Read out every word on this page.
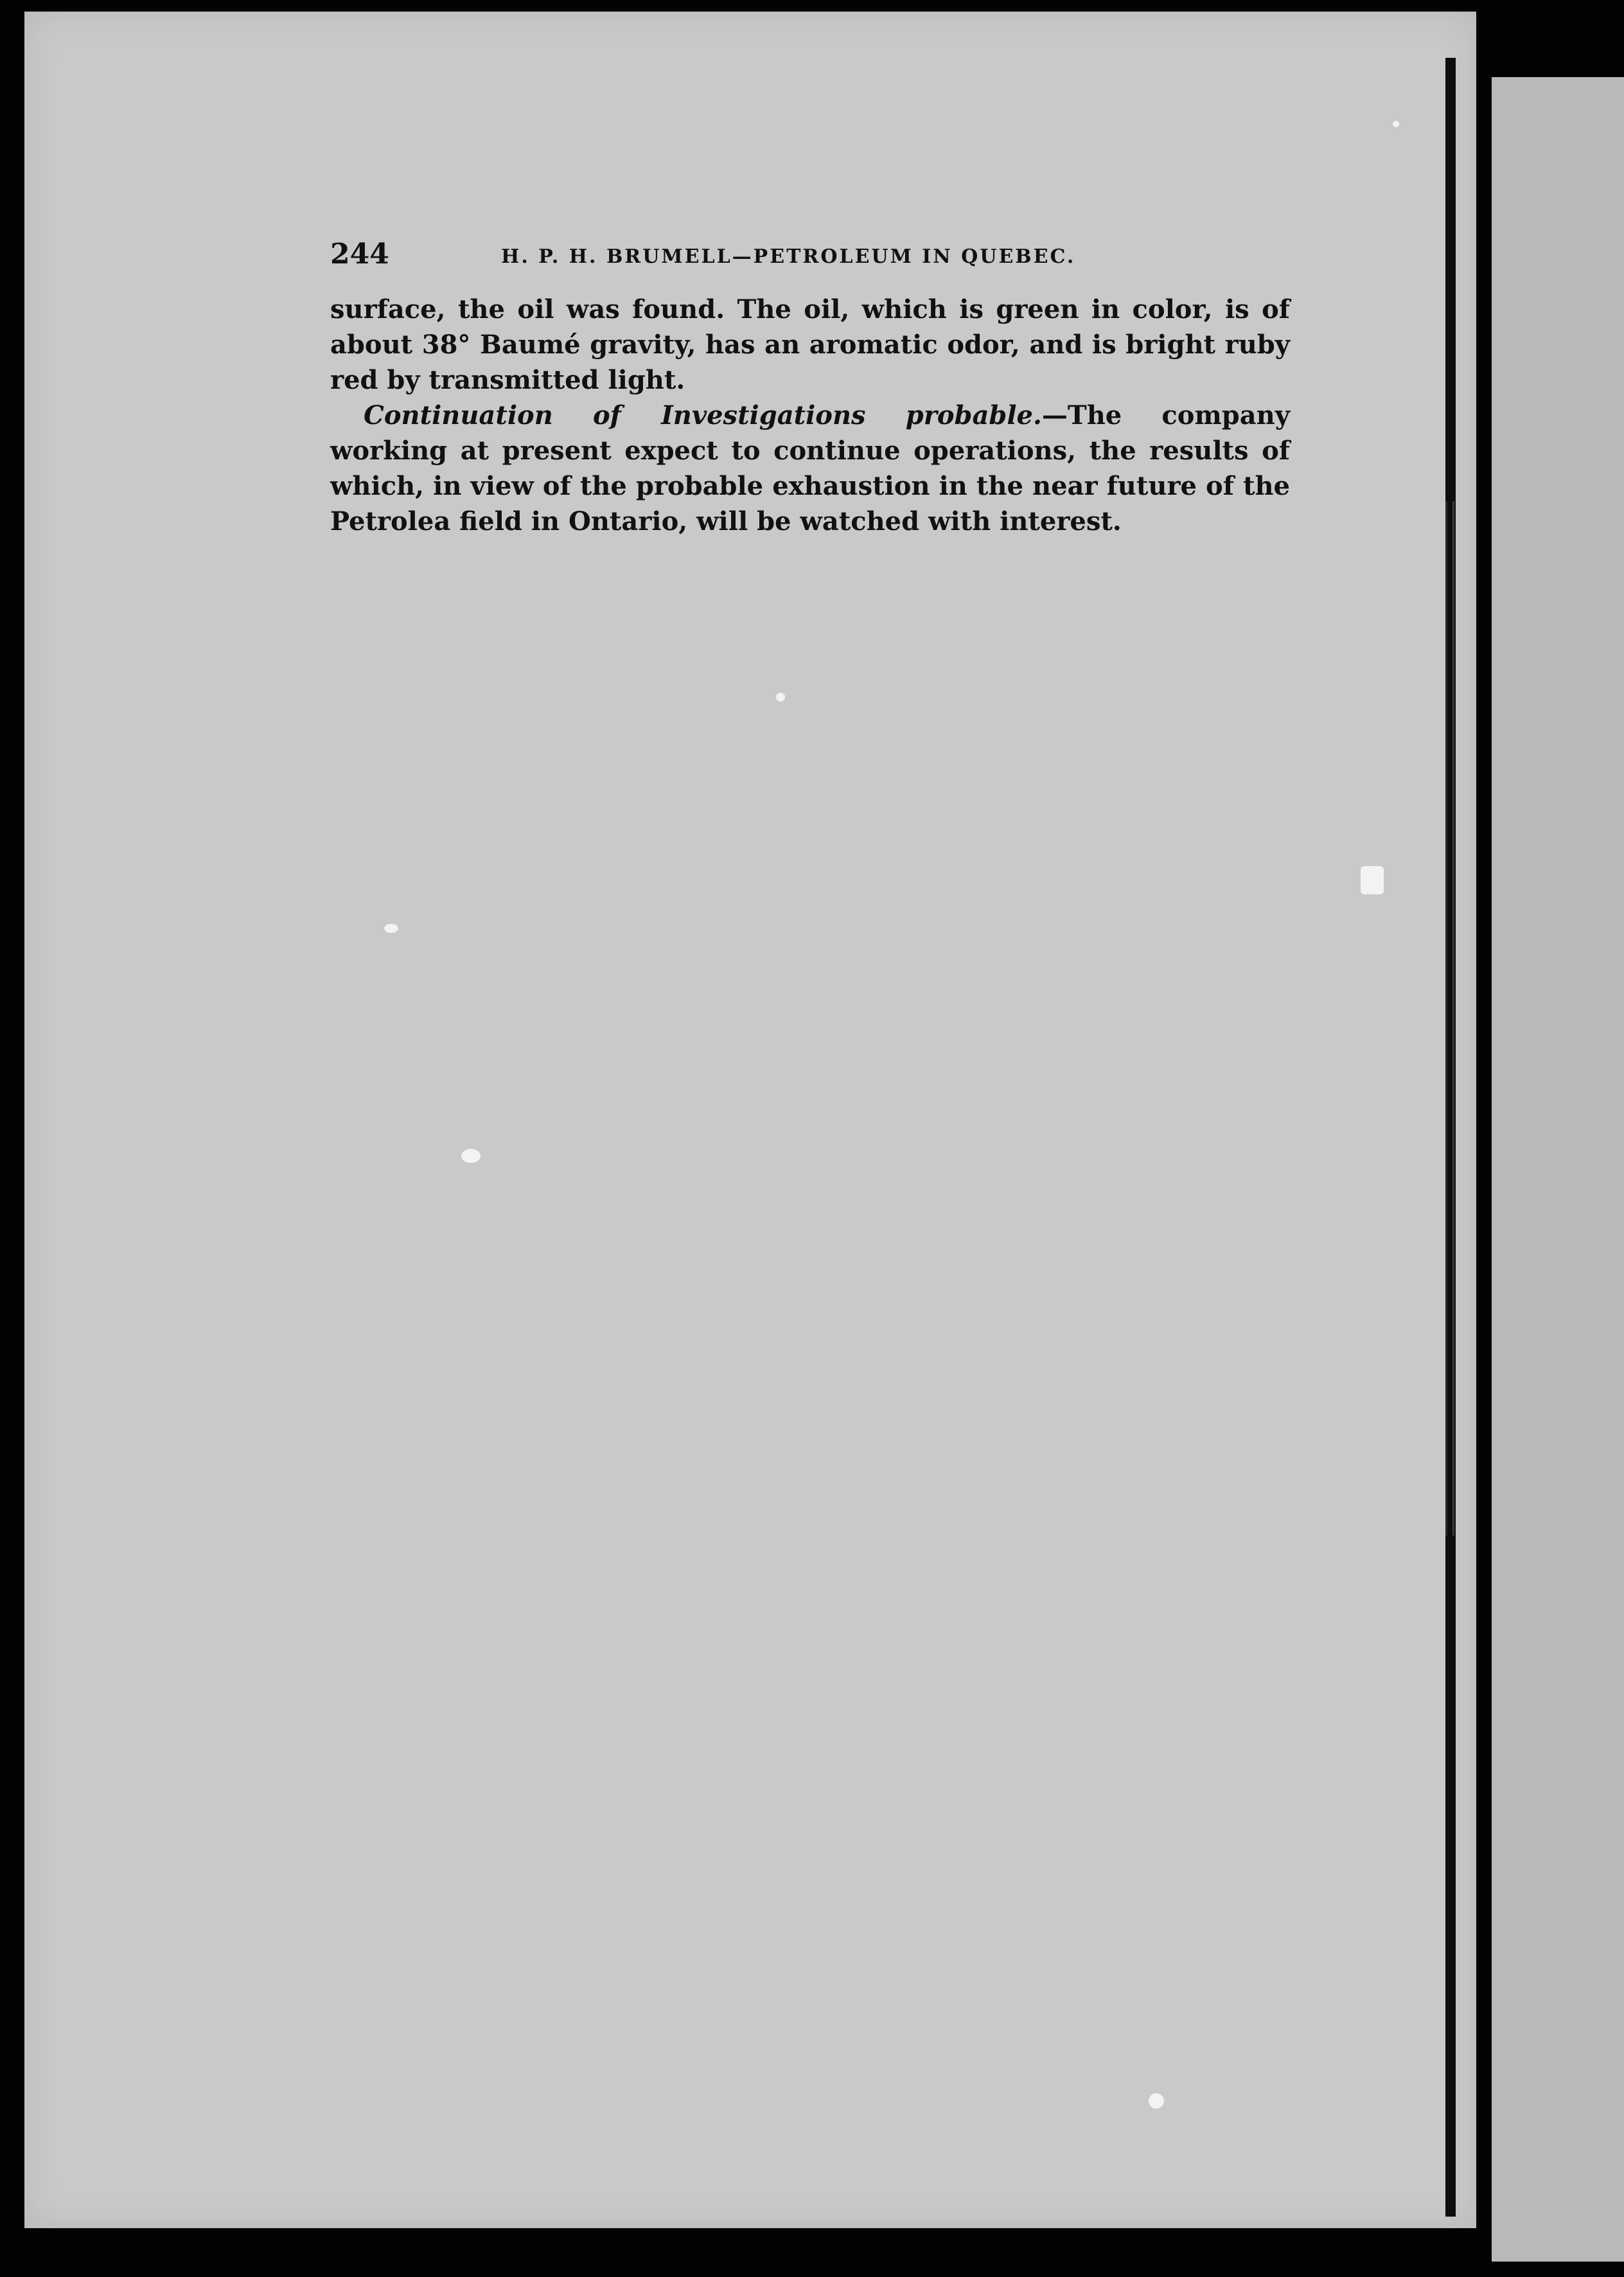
244	H. P. H. BRUMELL—PETROLEUM IN QUEBEC.

surface, the oil was found. The oil, which is green in color, is of about 38° Baumé gravity, has an aromatic odor, and is bright ruby red by transmitted light.

Continuation of Investigations probable.—The company working at present expect to continue operations, the results of which, in view of the probable exhaustion in the near future of the Petrolea field in Ontario, will be watched with interest.
